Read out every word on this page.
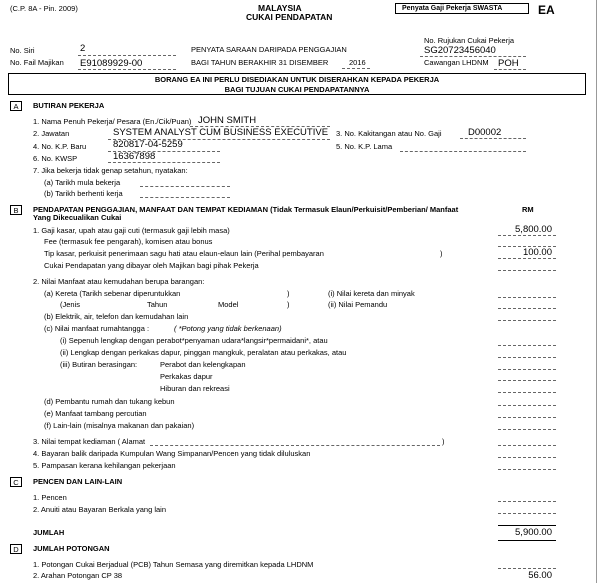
(C.P. 8A - Pin. 2009)	MALAYSIA
CUKAI PENDAPATAN
Penyata Gaji Pekerja SWASTA	EA
No. Siri	2
No. Fail Majikan E91089929-00
PENYATA SARAAN DARIPADA PENGGAJIAN
BAGI TAHUN BERAKHIR 31 DISEMBER	2016
No. Rujukan Cukai Pekerja
SG20723456040
Cawangan LHDNM POH
BORANG EA INI PERLU DISEDIAKAN UNTUK DISERAHKAN KEPADA PEKERJA
BAGI TUJUAN CUKAI PENDAPATANNYA
A	BUTIRAN PEKERJA
1. Nama Penuh Pekerja/ Pesara (En./Cik/Puan) JOHN SMITH
2. Jawatan	SYSTEM ANALYST CUM BUSINESS EXECUTIVE 3. No. Kakitangan atau No. Gaji	D00002
4. No. K.P. Baru	820817-04-5259	5. No. K.P. Lama
6. No. KWSP	16367898
7. Jika bekerja tidak genap setahun, nyatakan:
(a) Tarikh mula bekerja
(b) Tarikh berhenti kerja
B	PENDAPATAN PENGGAJIAN, MANFAAT DAN TEMPAT KEDIAMAN (Tidak Termasuk Elaun/Perkuisit/Pemberian/ Manfaat
Yang Dikecualikan Cukai
RM
1. Gaji kasar, upah atau gaji cuti (termasuk gaji lebih masa)	5,800.00
Fee (termasuk fee pengarah), komisen atau bonus
Tip kasar, perkuisit penerimaan sagu hati atau elaun-elaun lain (Perihal pembayaran	)	100.00
Cukai Pendapatan yang dibayar oleh Majikan bagi pihak Pekerja
2. Nilai Manfaat atau kemudahan berupa barangan:
(a) Kereta (Tarikh sebenar diperuntukkan	)	(i) Nilai kereta dan minyak
(Jenis	Tahun	Model	)	(ii) Nilai Pemandu
(b) Elektrik, air, telefon dan kemudahan lain
(c) Nilai manfaat rumahtangga :	( *Potong yang tidak berkenaan)
(i) Sepenuh lengkap dengan perabot*penyaman udara*langsir*permaidani*, atau
(ii) Lengkap dengan perkakas dapur, pinggan mangkuk, peralatan atau perkakas, atau
(iii) Butiran berasingan:	Perabot dan kelengkapan
Perkakas dapur
Hiburan dan rekreasi
(d) Pembantu rumah dan tukang kebun
(e) Manfaat tambang percutian
(f) Lain-lain (misalnya makanan dan pakaian)
3. Nilai tempat kediaman ( Alamat	)
4. Bayaran balik daripada Kumpulan Wang Simpanan/Pencen yang tidak diluluskan
5. Pampasan kerana kehilangan pekerjaan
C	PENCEN DAN LAIN-LAIN
1. Pencen
2. Anuiti atau Bayaran Berkala yang lain
JUMLAH	5,900.00
D	JUMLAH POTONGAN
1. Potongan Cukai Berjadual (PCB) Tahun Semasa yang diremitkan kepada LHDNM
2. Arahan Potongan CP 38	56.00
